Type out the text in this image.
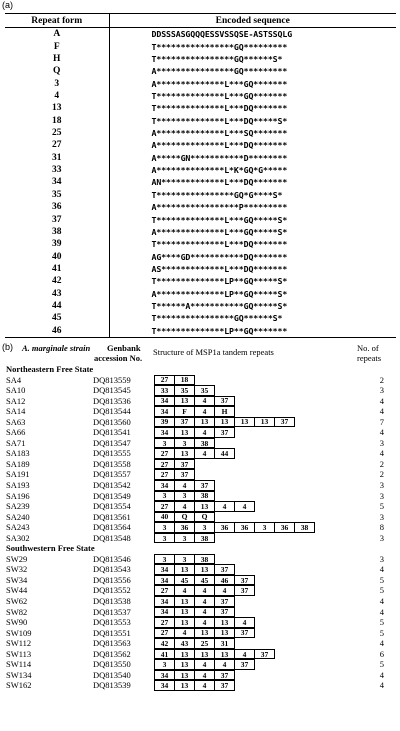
(a)
Repeat form	Encoded sequence
A	DDSSSASGQQQESSVSSQSE-ASTSSQLG
F	T****************GQ*********
H	T****************GQ******S*
Q	A****************GQ*********
3	A**************L***GQ*******
4	T**************L***GQ*******
13	T**************L***DQ*******
18	T**************L***DQ*****S*
25	A**************L***SQ*******
27	A**************L***DQ*******
31	A*****GN***********D********
33	A**************L*K*GQ*G*****
34	AN*************L***DQ*******
35	T****************GQ*G****S*
36	A*****************P*********
37	T**************L***GQ*****S*
38	A**************L***GQ*****S*
39	T**************L***DQ*******
40	AG****GD***********DQ*******
41	AS*************L***DQ*******
42	T**************LP**GQ*****S*
43	A**************LP**GQ*****S*
44	T******A***********GQ*****S*
45	T****************GQ******S*
46	T**************LP**GQ*******
(b) A. marginale strain Genbank
accession No.
Structure of MSP1a tandem repeats	No. of
repeats
Northeastern Free State
SA4	DQ813559	27	18	2
SA10	DQ813545	33	35	35	3
SA12	DQ813536	34	13	4	37	4
SA14	DQ813544	34	F	4	H	4
SA63	DQ813560	39	37	13	13	13	13	37	7
SA66	DQ813541	34	13	4	37	4
SA71	DQ813547	3	3	38	3
SA183	DQ813555	27	13	4	44	4
SA189	DQ813558	27	37	2
SA191	DQ813557	27	37	2
SA193	DQ813542	34	4	37	3
SA196	DQ813549	3	3	38	3
SA239	DQ813554	27	4	13	4	4	5
SA240	DQ813561	40	Q	Q	3
SA243	DQ813564	3	36	3	36	36	3	36	38	8
SA302	DQ813548	3	3	38	3
Southwestern Free State
SW29	DQ813546	3	3	38	3
SW32	DQ813543	34	13	13	37	4
SW34	DQ813556	34	45	45	46	37	5
SW44	DQ813552	27	4	4	4	37	5
SW62	DQ813538	34	13	4	37	4
SW82	DQ813537	34	13	4	37	4
SW90	DQ813553	27	13	4	13	4	5
SW109	DQ813551	27	4	13	13	37	5
SW112	DQ813563	42	43	25	31	4
SW113	DQ813562	41	13	13	13	4	37	6
SW114	DQ813550	3	13	4	4	37	5
SW134	DQ813540	34	13	4	37	4
SW162	DQ813539	34	13	4	37	4
